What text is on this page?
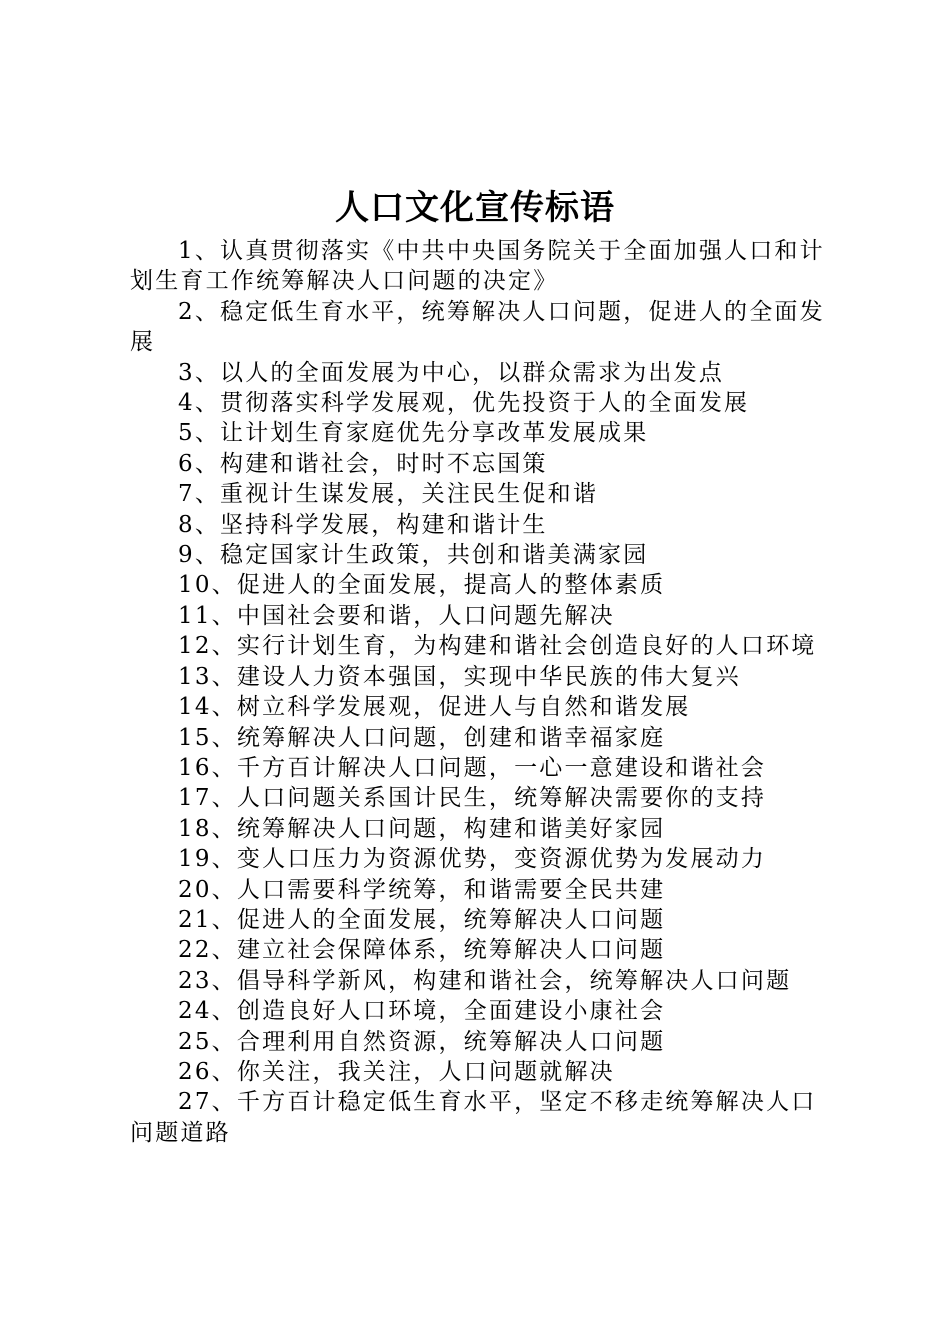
人口文化宣传标语

1、认真贯彻落实《中共中央国务院关于全面加强人口和计划生育工作统筹解决人口问题的决定》

2、稳定低生育水平，统筹解决人口问题，促进人的全面发展

3、以人的全面发展为中心，以群众需求为出发点

4、贯彻落实科学发展观，优先投资于人的全面发展

5、让计划生育家庭优先分享改革发展成果

6、构建和谐社会，时时不忘国策

7、重视计生谋发展，关注民生促和谐

8、坚持科学发展，构建和谐计生

9、稳定国家计生政策，共创和谐美满家园

10、促进人的全面发展，提高人的整体素质

11、中国社会要和谐，人口问题先解决

12、实行计划生育，为构建和谐社会创造良好的人口环境

13、建设人力资本强国，实现中华民族的伟大复兴

14、树立科学发展观，促进人与自然和谐发展

15、统筹解决人口问题，创建和谐幸福家庭

16、千方百计解决人口问题，一心一意建设和谐社会

17、人口问题关系国计民生，统筹解决需要你的支持

18、统筹解决人口问题，构建和谐美好家园

19、变人口压力为资源优势，变资源优势为发展动力

20、人口需要科学统筹，和谐需要全民共建

21、促进人的全面发展，统筹解决人口问题

22、建立社会保障体系，统筹解决人口问题

23、倡导科学新风，构建和谐社会，统筹解决人口问题

24、创造良好人口环境，全面建设小康社会

25、合理利用自然资源，统筹解决人口问题

26、你关注，我关注，人口问题就解决

27、千方百计稳定低生育水平，坚定不移走统筹解决人口问题道路
